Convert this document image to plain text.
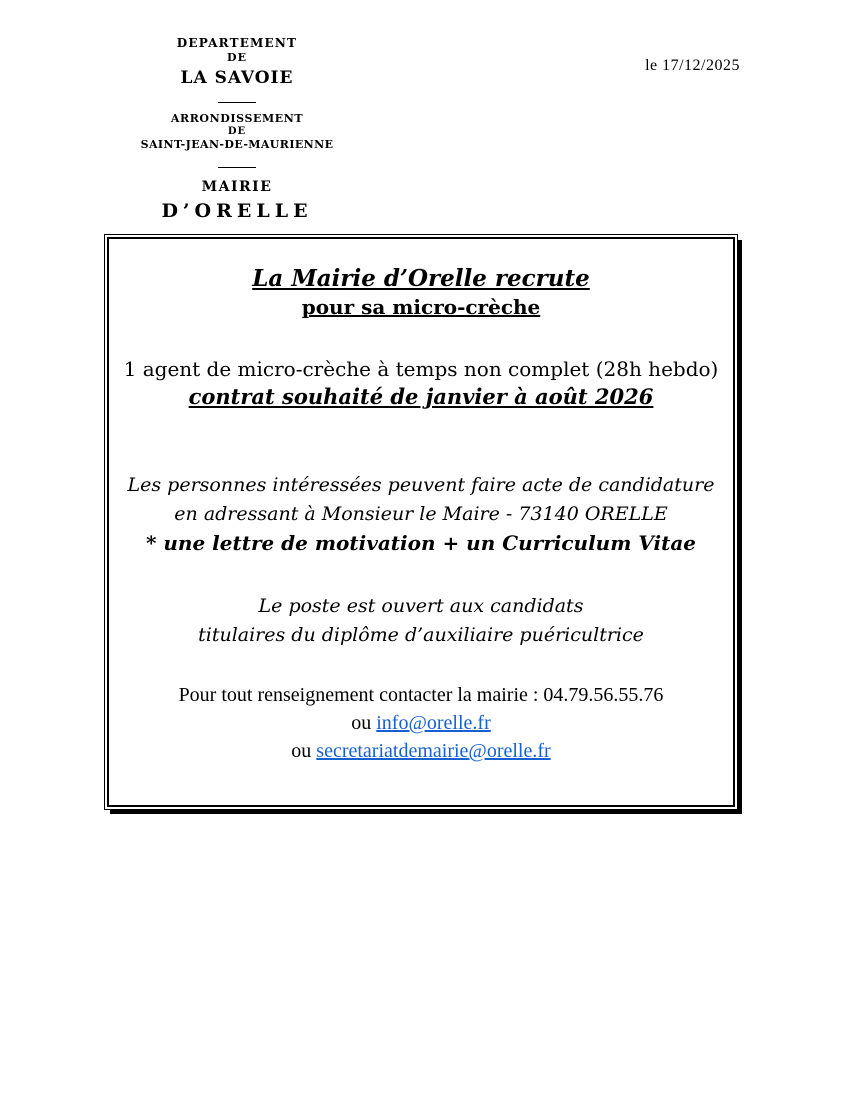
DEPARTEMENT
DE
LA SAVOIE
ARRONDISSEMENT
DE
SAINT-JEAN-DE-MAURIENNE
MAIRIE
D’ORELLE
le 17/12/2025
La Mairie d’Orelle recrute
pour sa micro-crèche
1 agent de micro-crèche à temps non complet (28h hebdo)
contrat souhaité de janvier à août 2026
Les personnes intéressées peuvent faire acte de candidature
en adressant à Monsieur le Maire - 73140 ORELLE
* une lettre de motivation + un Curriculum Vitae
Le poste est ouvert aux candidats
titulaires du diplôme d’auxiliaire puéricultrice
Pour tout renseignement contacter la mairie : 04.79.56.55.76
ou info@orelle.fr
ou secretariatdemairie@orelle.fr
